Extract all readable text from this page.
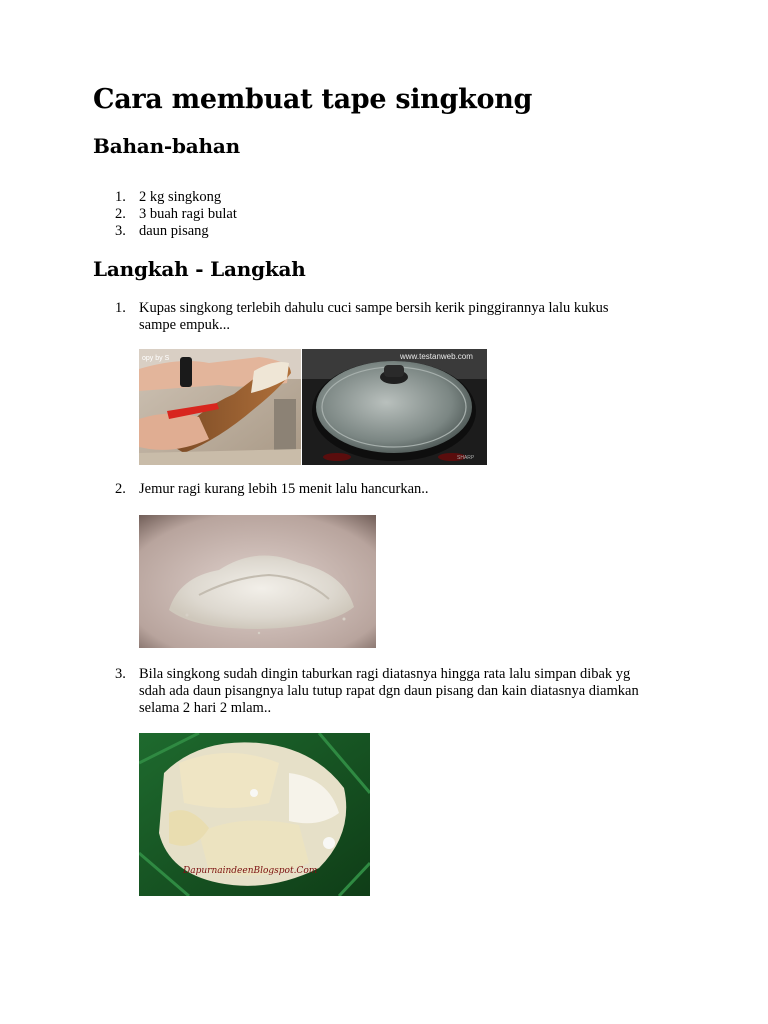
Cara membuat tape singkong
Bahan-bahan
1. 2 kg singkong
2. 3 buah ragi bulat
3. daun pisang
Langkah - Langkah
1. Kupas singkong terlebih dahulu cuci sampe bersih kerik pinggirannya lalu kukus
sampe empuk...
opy by S	www.testanweb.com
SHARP
2. Jemur ragi kurang lebih 15 menit lalu hancurkan..
3. Bila singkong sudah dingin taburkan ragi diatasnya hingga rata lalu simpan dibak yg
sdah ada daun pisangnya lalu tutup rapat dgn daun pisang dan kain diatasnya diamkan
selama 2 hari 2 mlam..
DapurnaindeenBlogspot.Com
